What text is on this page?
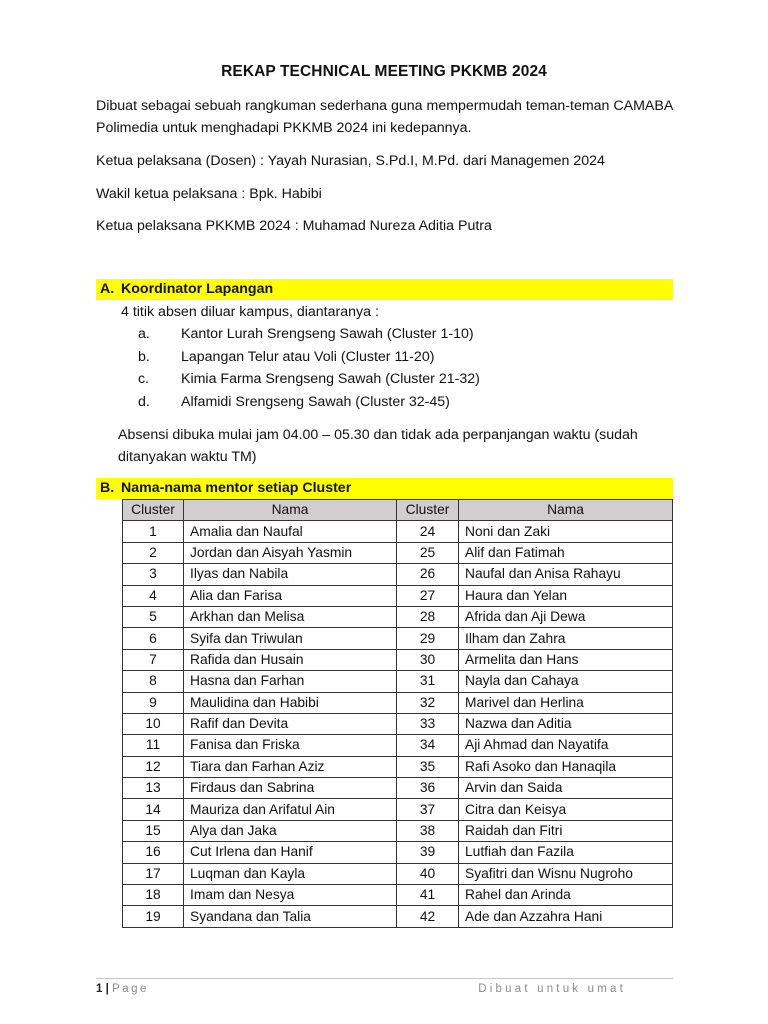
REKAP TECHNICAL MEETING PKKMB 2024
Dibuat sebagai sebuah rangkuman sederhana guna mempermudah teman-teman CAMABA Polimedia untuk menghadapi PKKMB 2024 ini kedepannya.
Ketua pelaksana (Dosen) : Yayah Nurasian, S.Pd.I, M.Pd. dari Managemen 2024
Wakil ketua pelaksana : Bpk. Habibi
Ketua pelaksana PKKMB 2024 : Muhamad Nureza Aditia Putra
A. Koordinator Lapangan
4 titik absen diluar kampus, diantaranya :
a. Kantor Lurah Srengseng Sawah (Cluster 1-10)
b. Lapangan Telur atau Voli (Cluster 11-20)
c. Kimia Farma Srengseng Sawah (Cluster 21-32)
d. Alfamidi Srengseng Sawah (Cluster 32-45)
Absensi dibuka mulai jam 04.00 – 05.30 dan tidak ada perpanjangan waktu (sudah ditanyakan waktu TM)
B. Nama-nama mentor setiap Cluster
Cluster	Nama	Cluster	Nama
1	Amalia dan Naufal	24	Noni dan Zaki
2	Jordan dan Aisyah Yasmin	25	Alif dan Fatimah
3	Ilyas dan Nabila	26	Naufal dan Anisa Rahayu
4	Alia dan Farisa	27	Haura dan Yelan
5	Arkhan dan Melisa	28	Afrida dan Aji Dewa
6	Syifa dan Triwulan	29	Ilham dan Zahra
7	Rafida dan Husain	30	Armelita dan Hans
8	Hasna dan Farhan	31	Nayla dan Cahaya
9	Maulidina dan Habibi	32	Marivel dan Herlina
10	Rafif dan Devita	33	Nazwa dan Aditia
11	Fanisa dan Friska	34	Aji Ahmad dan Nayatifa
12	Tiara dan Farhan Aziz	35	Rafi Asoko dan Hanaqila
13	Firdaus dan Sabrina	36	Arvin dan Saida
14	Mauriza dan Arifatul Ain	37	Citra dan Keisya
15	Alya dan Jaka	38	Raidah dan Fitri
16	Cut Irlena dan Hanif	39	Lutfiah dan Fazila
17	Luqman dan Kayla	40	Syafitri dan Wisnu Nugroho
18	Imam dan Nesya	41	Rahel dan Arinda
19	Syandana dan Talia	42	Ade dan Azzahra Hani
1 | Page	Dibuat untuk umat
